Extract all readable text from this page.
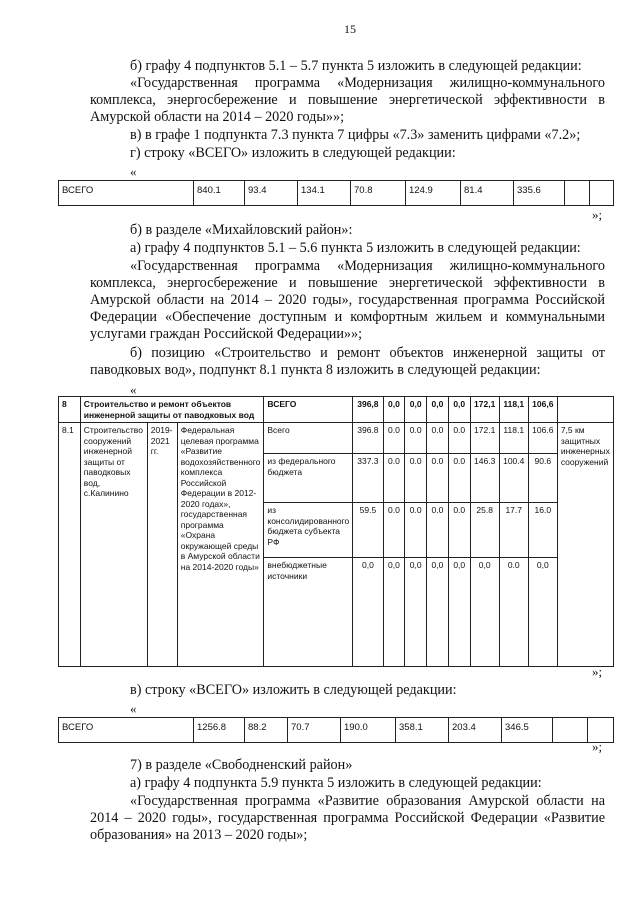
15
б) графу 4 подпунктов 5.1 – 5.7 пункта 5 изложить в следующей редакции:
«Государственная программа «Модернизация жилищно-коммунального комплекса, энергосбережение и повышение энергетической эффективности в Амурской области на 2014 – 2020 годы»»;
в) в графе 1 подпункта 7.3 пункта 7 цифры «7.3» заменить цифрами «7.2»;
г) строку «ВСЕГО» изложить в следующей редакции:
«
ВСЕГО	840.1	93.4	134.1	70.8	124.9	81.4	335.6		
»;
б) в разделе «Михайловский район»:
а) графу 4 подпунктов 5.1 – 5.6 пункта 5 изложить в следующей редакции:
«Государственная программа «Модернизация жилищно-коммунального комплекса, энергосбережение и повышение энергетической эффективности в Амурской области на 2014 – 2020 годы», государственная программа Российской Федерации «Обеспечение доступным и комфортным жильем и коммунальными услугами граждан Российской Федерации»»;
б) позицию «Строительство и ремонт объектов инженерной защиты от паводковых вод», подпункт 8.1 пункта 8 изложить в следующей редакции:
«
8	Строительство и ремонт объектов инженерной защиты от паводковых вод			ВСЕГО	396,8	0,0	0,0	0,0	0,0	172,1	118,1	106,6	
8.1	Строительство сооружений инженерной защиты от паводковых вод, с.Калинино	2019-2021 гг.	Федеральная целевая программа «Развитие водохозяйственного комплекса Российской Федерации в 2012-2020 годах», государственная программа «Охрана окружающей среды в Амурской области на 2014-2020 годы»	Всего	396.8	0.0	0.0	0.0	0.0	172.1	118.1	106.6	7,5 км защитных инженерных сооружений
				из федерального бюджета	337.3	0.0	0.0	0.0	0.0	146.3	100.4	90.6	
				из консолидированного бюджета субъекта РФ	59.5	0.0	0.0	0.0	0.0	25.8	17.7	16.0	
				внебюджетные источники	0,0	0,0	0,0	0,0	0,0	0,0	0.0	0,0	
»;
в) строку «ВСЕГО» изложить в следующей редакции:
«
ВСЕГО	1256.8	88.2	70.7	190.0	358.1	203.4	346.5		
»;
7) в разделе «Свободненский район»
а) графу 4 подпункта 5.9 пункта 5 изложить в следующей редакции:
«Государственная программа «Развитие образования Амурской области на 2014 – 2020 годы», государственная программа Российской Федерации «Развитие образования» на 2013 – 2020 годы»;
